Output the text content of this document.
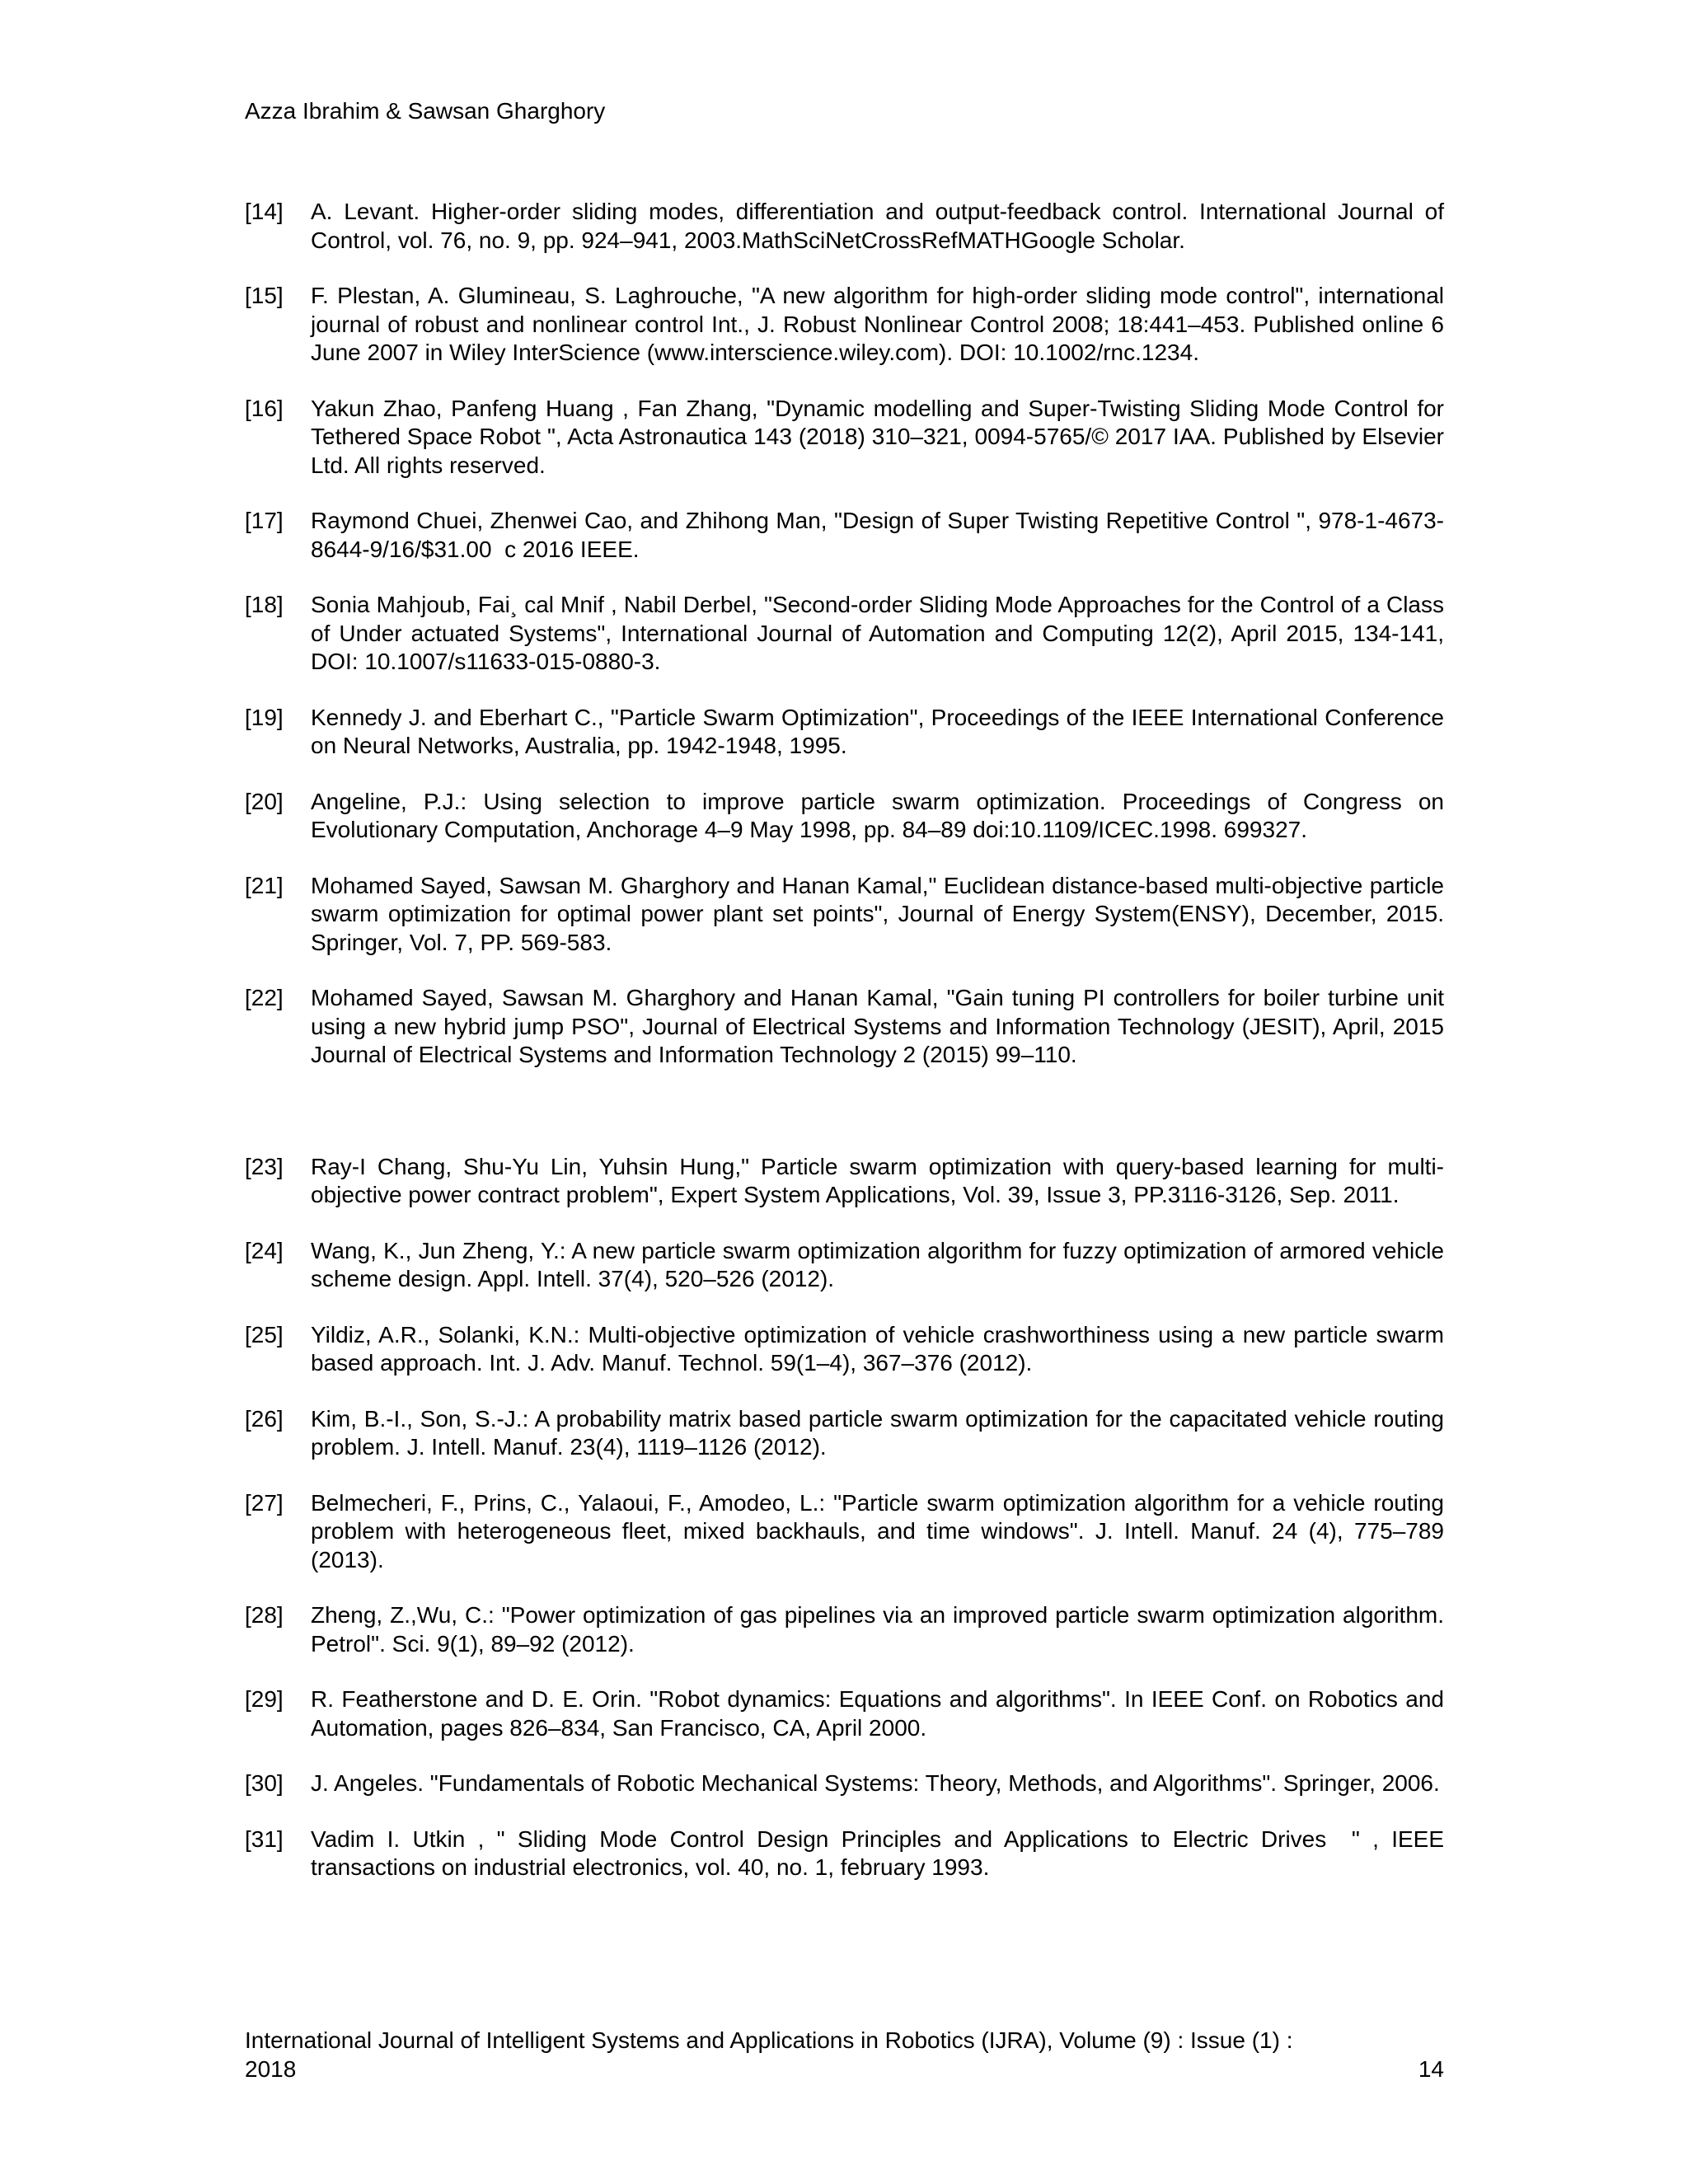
Azza Ibrahim & Sawsan Gharghory
[14]	A. Levant. Higher-order sliding modes, differentiation and output-feedback control. International Journal of Control, vol. 76, no. 9, pp. 924–941, 2003.MathSciNetCrossRefMATHGoogle Scholar.
[15]	F. Plestan, A. Glumineau, S. Laghrouche, "A new algorithm for high-order sliding mode control", international journal of robust and nonlinear control Int., J. Robust Nonlinear Control 2008; 18:441–453. Published online 6 June 2007 in Wiley InterScience (www.interscience.wiley.com). DOI: 10.1002/rnc.1234.
[16]	Yakun Zhao, Panfeng Huang , Fan Zhang, "Dynamic modelling and Super-Twisting Sliding Mode Control for Tethered Space Robot ", Acta Astronautica 143 (2018) 310–321, 0094-5765/© 2017 IAA. Published by Elsevier Ltd. All rights reserved.
[17]	Raymond Chuei, Zhenwei Cao, and Zhihong Man, "Design of Super Twisting Repetitive Control ", 978-1-4673-8644-9/16/$31.00  c 2016 IEEE.
[18]	Sonia Mahjoub, Fai¸ cal Mnif , Nabil Derbel, "Second-order Sliding Mode Approaches for the Control of a Class of Under actuated Systems", International Journal of Automation and Computing 12(2), April 2015, 134-141, DOI: 10.1007/s11633-015-0880-3.
[19]	Kennedy J. and Eberhart C., "Particle Swarm Optimization", Proceedings of the IEEE International Conference on Neural Networks, Australia, pp. 1942-1948, 1995.
[20]	Angeline, P.J.: Using selection to improve particle swarm optimization. Proceedings of Congress on Evolutionary Computation, Anchorage 4–9 May 1998, pp. 84–89 doi:10.1109/ICEC.1998. 699327.
[21]	Mohamed Sayed, Sawsan M. Gharghory and Hanan Kamal," Euclidean distance-based multi-objective particle swarm optimization for optimal power plant set points", Journal of Energy System(ENSY), December, 2015. Springer, Vol. 7, PP. 569-583.
[22]	Mohamed Sayed, Sawsan M. Gharghory and Hanan Kamal, "Gain tuning PI controllers for boiler turbine unit using a new hybrid jump PSO", Journal of Electrical Systems and Information Technology (JESIT), April, 2015 Journal of Electrical Systems and Information Technology 2 (2015) 99–110.
[23]	Ray-I Chang, Shu-Yu Lin, Yuhsin Hung," Particle swarm optimization with query-based learning for multi-objective power contract problem", Expert System Applications, Vol. 39, Issue 3, PP.3116-3126, Sep. 2011.
[24]	Wang, K., Jun Zheng, Y.: A new particle swarm optimization algorithm for fuzzy optimization of armored vehicle scheme design. Appl. Intell. 37(4), 520–526 (2012).
[25]	Yildiz, A.R., Solanki, K.N.: Multi-objective optimization of vehicle crashworthiness using a new particle swarm based approach. Int. J. Adv. Manuf. Technol. 59(1–4), 367–376 (2012).
[26]	Kim, B.-I., Son, S.-J.: A probability matrix based particle swarm optimization for the capacitated vehicle routing problem. J. Intell. Manuf. 23(4), 1119–1126 (2012).
[27]	Belmecheri, F., Prins, C., Yalaoui, F., Amodeo, L.: "Particle swarm optimization algorithm for a vehicle routing problem with heterogeneous fleet, mixed backhauls, and time windows". J. Intell. Manuf. 24 (4), 775–789 (2013).
[28]	Zheng, Z.,Wu, C.: "Power optimization of gas pipelines via an improved particle swarm optimization algorithm. Petrol". Sci. 9(1), 89–92 (2012).
[29]	R. Featherstone and D. E. Orin. "Robot dynamics: Equations and algorithms". In IEEE Conf. on Robotics and Automation, pages 826–834, San Francisco, CA, April 2000.
[30]	J. Angeles. "Fundamentals of Robotic Mechanical Systems: Theory, Methods, and Algorithms". Springer, 2006.
[31]	Vadim I. Utkin , " Sliding Mode Control Design Principles and Applications to Electric Drives  " , IEEE transactions on industrial electronics, vol. 40, no. 1, february 1993.
International Journal of Intelligent Systems and Applications in Robotics (IJRA), Volume (9) : Issue (1) :
2018	14
